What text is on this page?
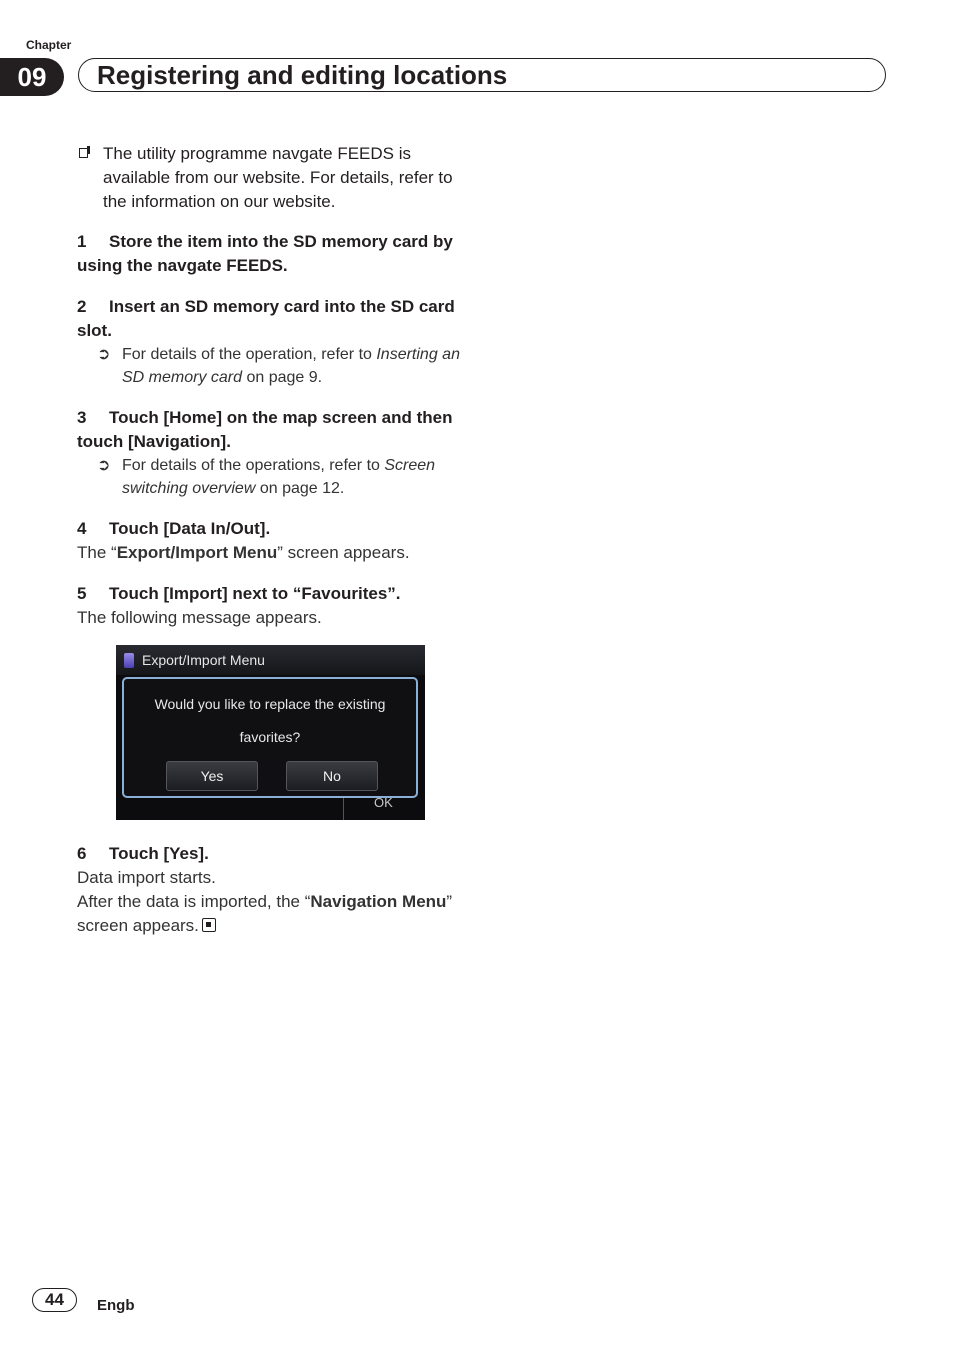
Chapter
09	Registering and editing locations
The utility programme navgate FEEDS is available from our website. For details, refer to the information on our website.
1 Store the item into the SD memory card by using the navgate FEEDS.
2 Insert an SD memory card into the SD card slot.
➲ For details of the operation, refer to Inserting an SD memory card on page 9.
3 Touch [Home] on the map screen and then touch [Navigation].
➲ For details of the operations, refer to Screen switching overview on page 12.
4 Touch [Data In/Out].
The “Export/Import Menu” screen appears.
5 Touch [Import] next to “Favourites”.
The following message appears.
Export/Import Menu
Would you like to replace the existing
favorites?
Yes	No
OK
6 Touch [Yes].
Data import starts.
After the data is imported, the “Navigation Menu” screen appears.
44	Engb
